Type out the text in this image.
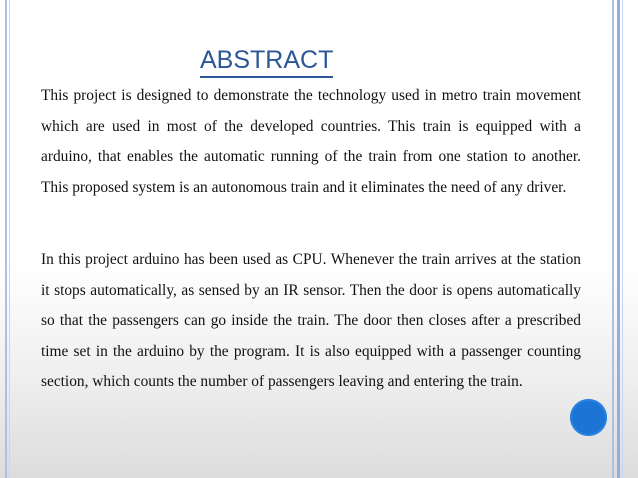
ABSTRACT

This project is designed to demonstrate the technology used in metro train movement which are used in most of the developed countries. This train is equipped with a arduino, that enables the automatic running of the train from one station to another. This proposed system is an autonomous train and it eliminates the need of any driver.

In this project arduino has been used as CPU. Whenever the train arrives at the station it stops automatically, as sensed by an IR sensor. Then the door is opens automatically so that the passengers can go inside the train. The door then closes after a prescribed time set in the arduino by the program. It is also equipped with a passenger counting section, which counts the number of passengers leaving and entering the train.
